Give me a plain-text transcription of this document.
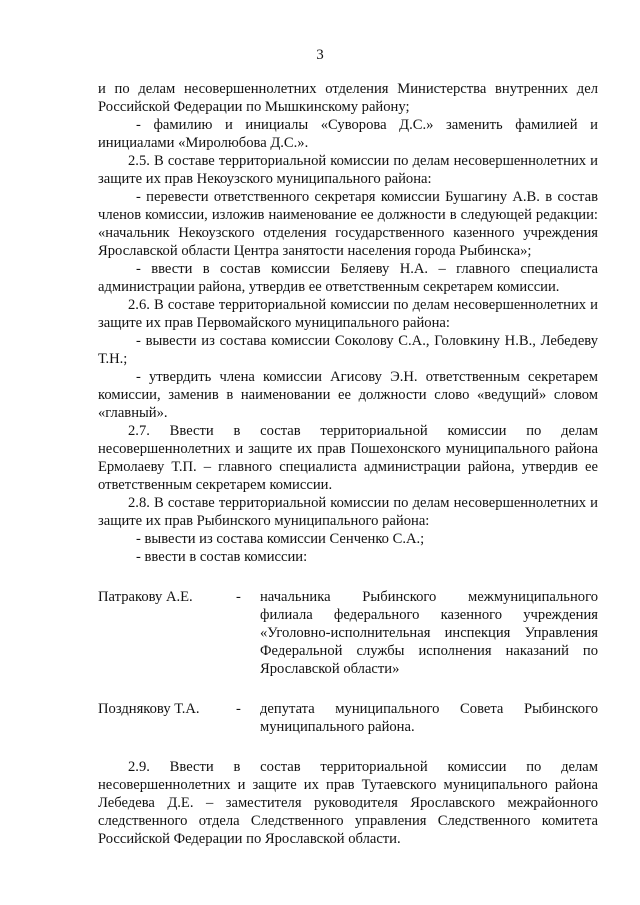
3

и по делам несовершеннолетних отделения Министерства внутренних дел Российской Федерации по Мышкинскому району;

- фамилию и инициалы «Суворова Д.С.» заменить фамилией и инициалами «Миролюбова Д.С.».

2.5. В составе территориальной комиссии по делам несовершеннолетних и защите их прав Некоузского муниципального района:

- перевести ответственного секретаря комиссии Бушагину А.В. в состав членов комиссии, изложив наименование ее должности в следующей редакции: «начальник Некоузского отделения государственного казенного учреждения Ярославской области Центра занятости населения города Рыбинска»;

- ввести в состав комиссии Беляеву Н.А. – главного специалиста администрации района, утвердив ее ответственным секретарем комиссии.

2.6. В составе территориальной комиссии по делам несовершеннолетних и защите их прав Первомайского муниципального района:

- вывести из состава комиссии Соколову С.А., Головкину Н.В., Лебедеву Т.Н.;

- утвердить члена комиссии Агисову Э.Н. ответственным секретарем комиссии, заменив в наименовании ее должности слово «ведущий» словом «главный».

2.7. Ввести в состав территориальной комиссии по делам несовершеннолетних и защите их прав Пошехонского муниципального района Ермолаеву Т.П. – главного специалиста администрации района, утвердив ее ответственным секретарем комиссии.

2.8. В составе территориальной комиссии по делам несовершеннолетних и защите их прав Рыбинского муниципального района:

- вывести из состава комиссии Сенченко С.А.;

- ввести в состав комиссии:

Патракову А.Е.	-	начальника Рыбинского межмуниципального филиала федерального казенного учреждения «Уголовно-исполнительная инспекция Управления Федеральной службы исполнения наказаний по Ярославской области»
Позднякову Т.А.	-	депутата муниципального Совета Рыбинского муниципального района.

2.9. Ввести в состав территориальной комиссии по делам несовершеннолетних и защите их прав Тутаевского муниципального района Лебедева Д.Е. – заместителя руководителя Ярославского межрайонного следственного отдела Следственного управления Следственного комитета Российской Федерации по Ярославской области.
